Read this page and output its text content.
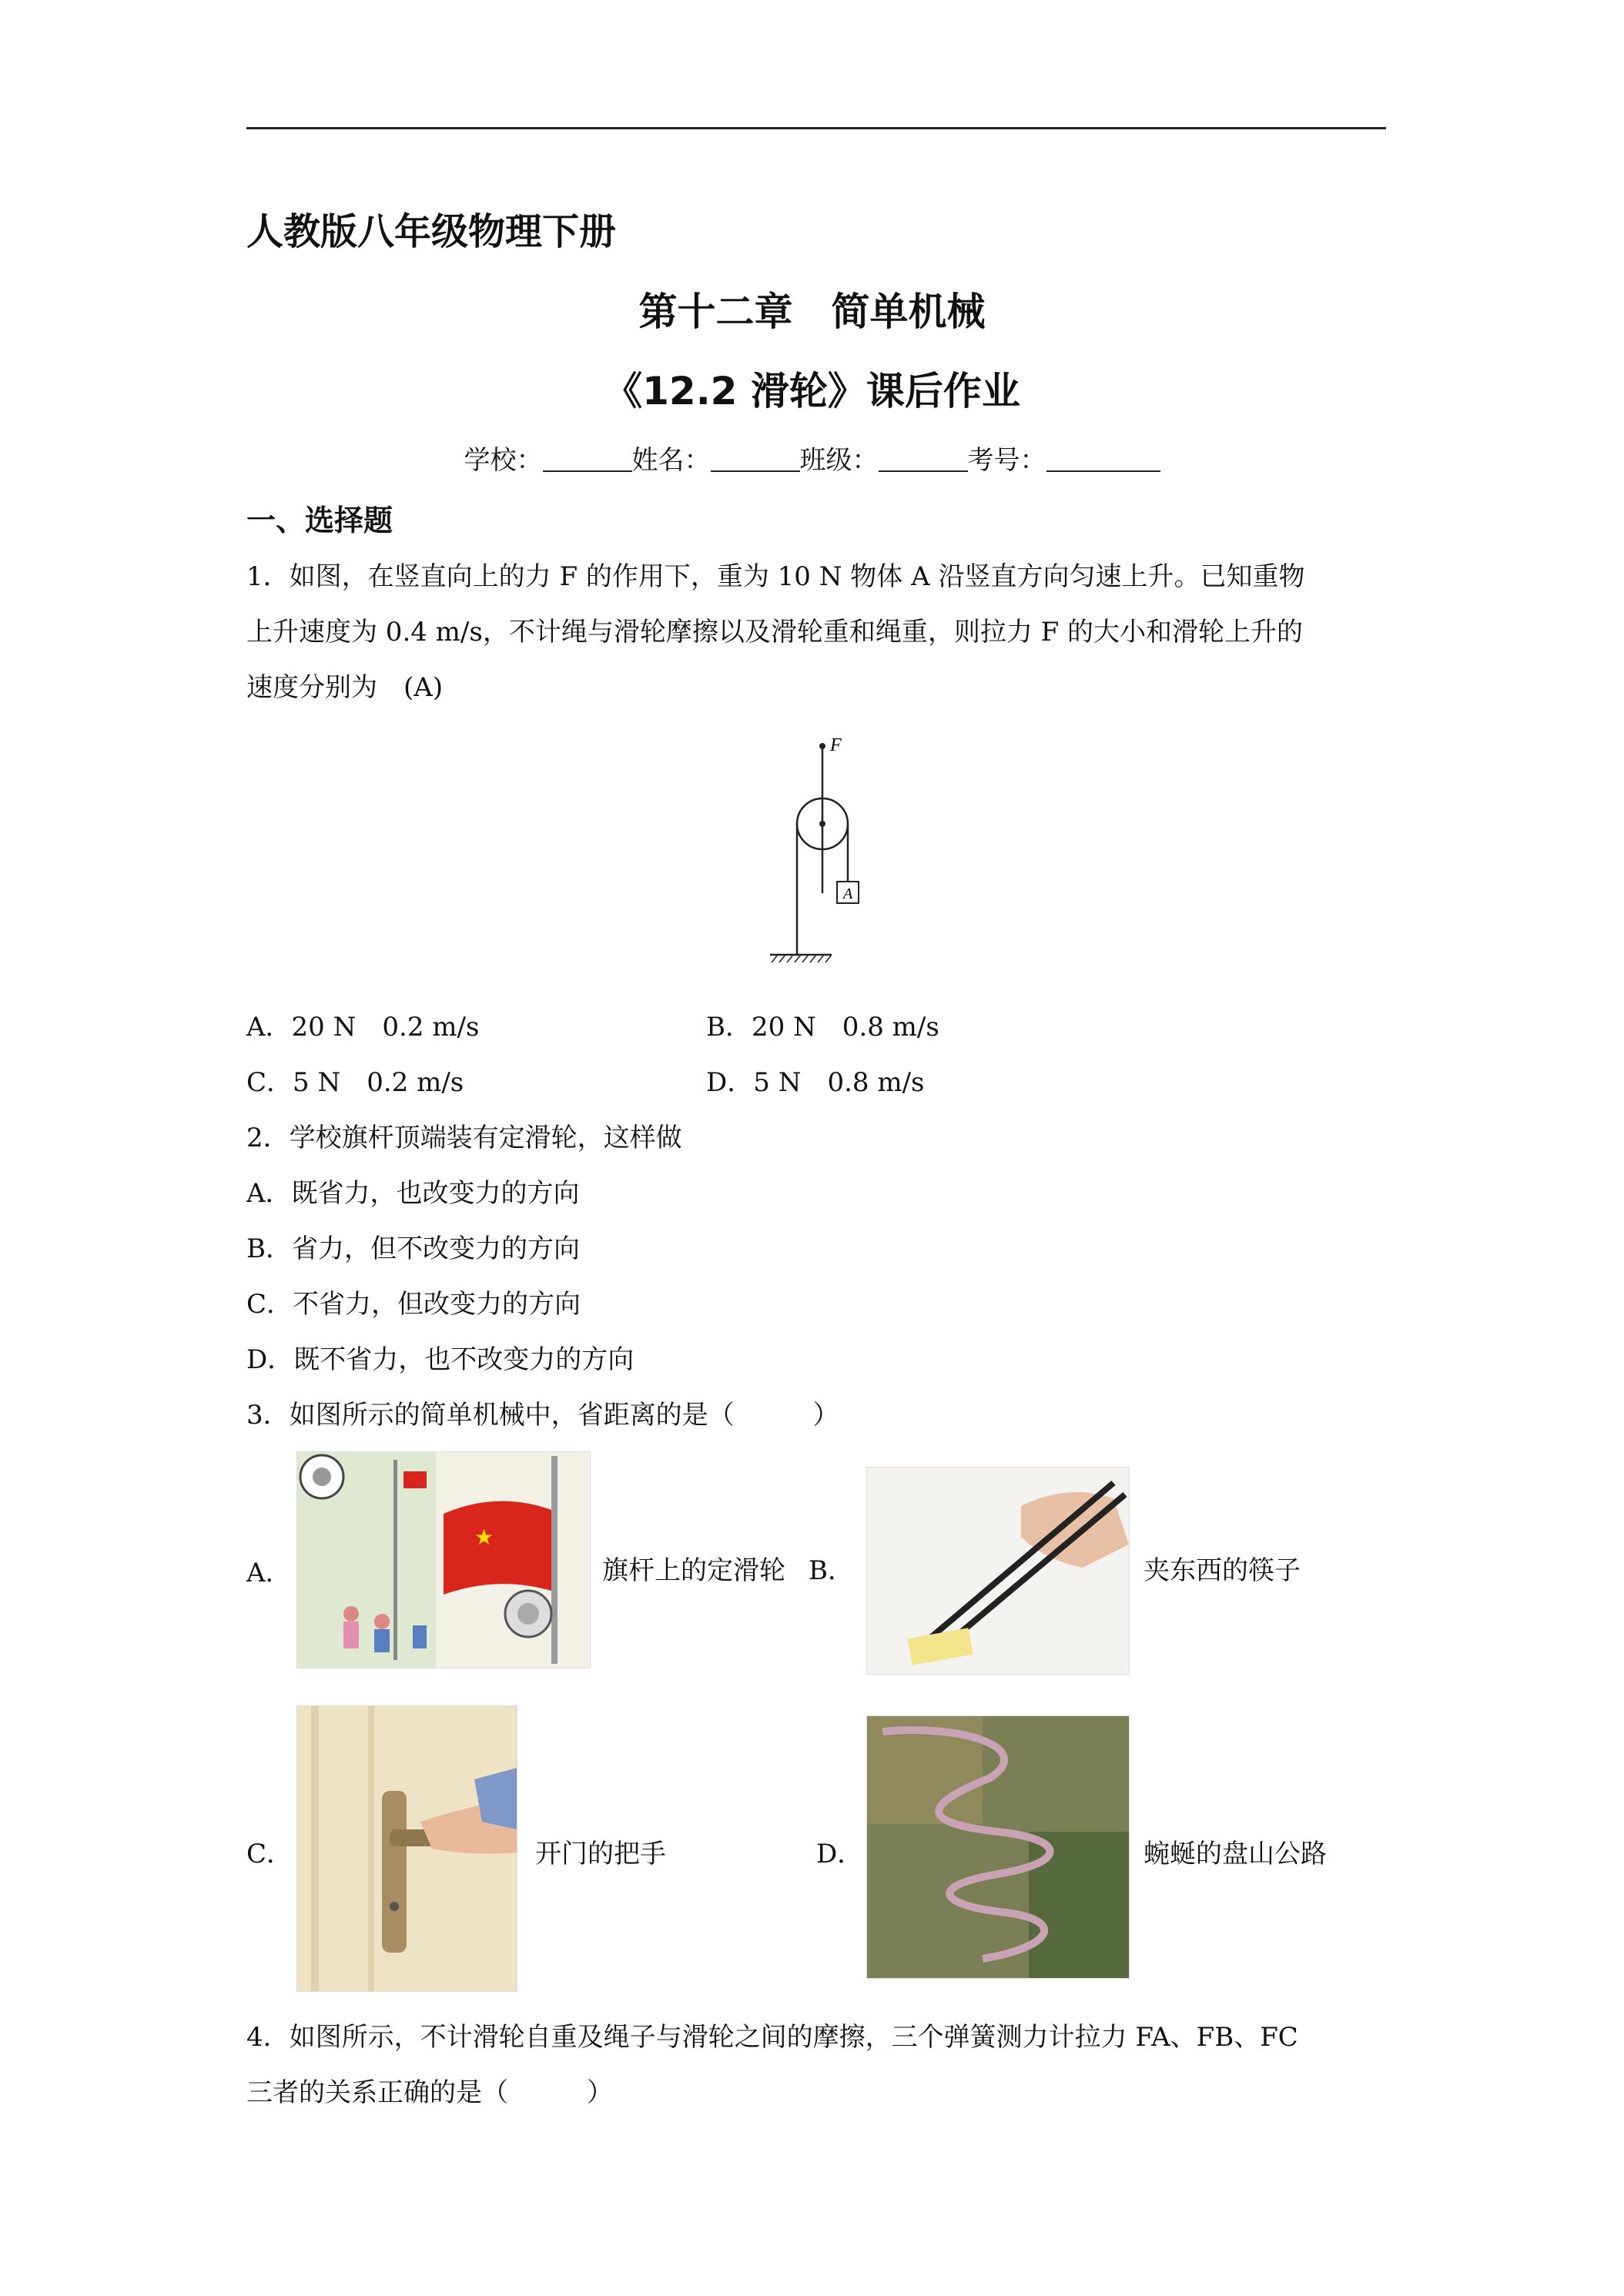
人教版八年级物理下册
第十二章　简单机械
《12.2 滑轮》课后作业
学校：	姓名：	班级：	考号：
一、选择题
1．如图，在竖直向上的力 F 的作用下，重为 10 N 物体 A 沿竖直方向匀速上升。已知重物
上升速度为 0.4 m/s，不计绳与滑轮摩擦以及滑轮重和绳重，则拉力 F 的大小和滑轮上升的
速度分别为　(A)
F
A
A．20 N　0.2 m/s	B．20 N　0.8 m/s
C．5 N　0.2 m/s	D．5 N　0.8 m/s
2．学校旗杆顶端装有定滑轮，这样做
A．既省力，也改变力的方向
B．省力，但不改变力的方向
C．不省力，但改变力的方向
D．既不省力，也不改变力的方向
3．如图所示的简单机械中，省距离的是（　　　）
A．
★
旗杆上的定滑轮 B．	夹东西的筷子
C．	开门的把手	D．	蜿蜒的盘山公路
4．如图所示，不计滑轮自重及绳子与滑轮之间的摩擦，三个弹簧测力计拉力 FA、FB、FC
三者的关系正确的是（　　　）
